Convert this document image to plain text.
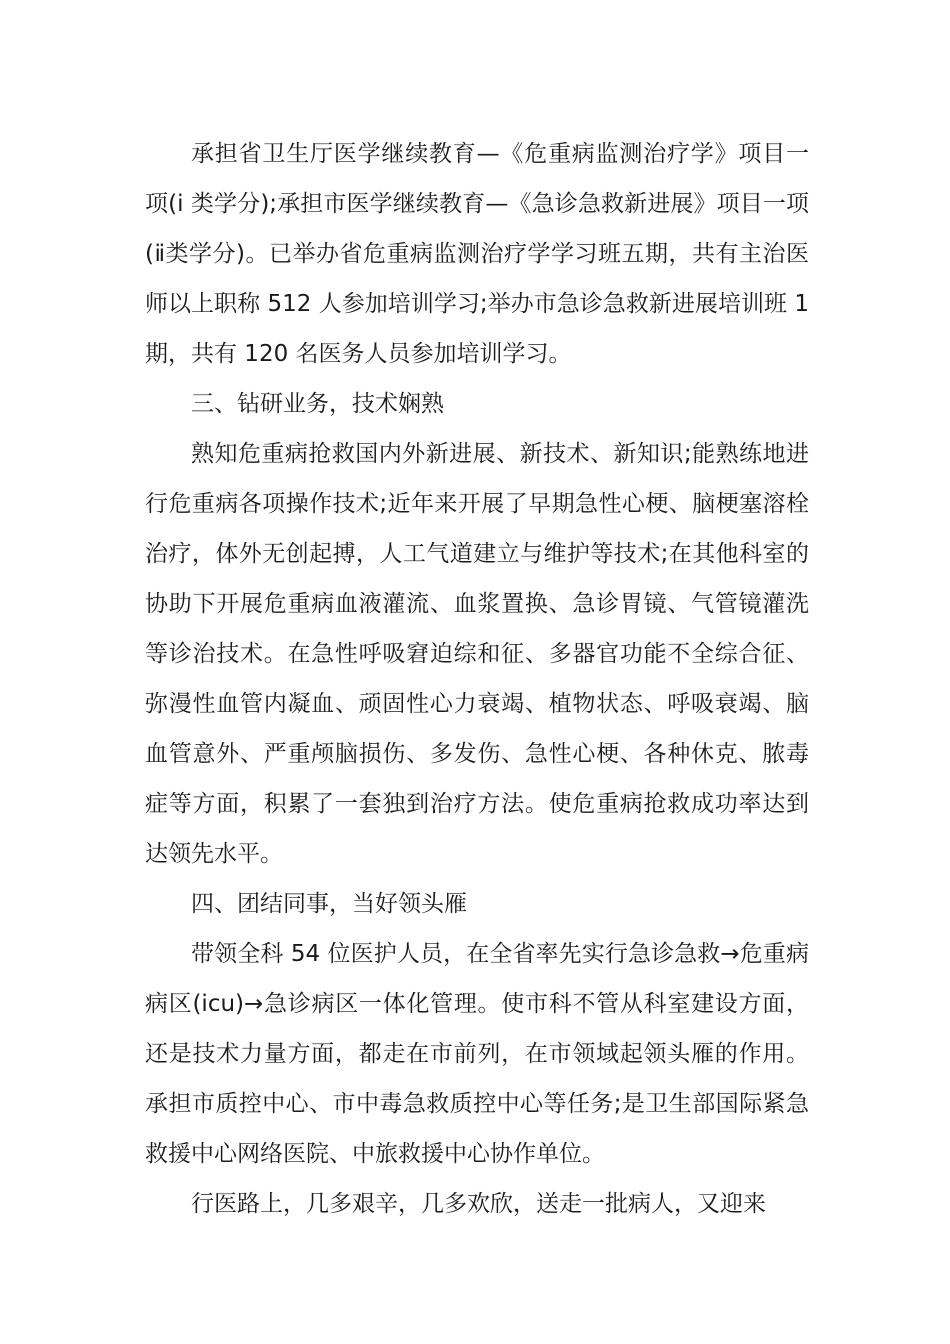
承担省卫生厅医学继续教育—《危重病监测治疗学》项目一项(i 类学分);承担市医学继续教育—《急诊急救新进展》项目一项(ⅱ类学分)。已举办省危重病监测治疗学学习班五期，共有主治医师以上职称 512 人参加培训学习;举办市急诊急救新进展培训班 1 期，共有 120 名医务人员参加培训学习。

三、钻研业务，技术娴熟

熟知危重病抢救国内外新进展、新技术、新知识;能熟练地进行危重病各项操作技术;近年来开展了早期急性心梗、脑梗塞溶栓治疗，体外无创起搏，人工气道建立与维护等技术;在其他科室的协助下开展危重病血液灌流、血浆置换、急诊胃镜、气管镜灌洗等诊治技术。在急性呼吸窘迫综和征、多器官功能不全综合征、弥漫性血管内凝血、顽固性心力衰竭、植物状态、呼吸衰竭、脑血管意外、严重颅脑损伤、多发伤、急性心梗、各种休克、脓毒症等方面，积累了一套独到治疗方法。使危重病抢救成功率达到达领先水平。

四、团结同事，当好领头雁

带领全科 54 位医护人员，在全省率先实行急诊急救→危重病病区(icu)→急诊病区一体化管理。使市科不管从科室建设方面，还是技术力量方面，都走在市前列，在市领域起领头雁的作用。承担市质控中心、市中毒急救质控中心等任务;是卫生部国际紧急救援中心网络医院、中旅救援中心协作单位。

行医路上，几多艰辛，几多欢欣，送走一批病人，又迎来
